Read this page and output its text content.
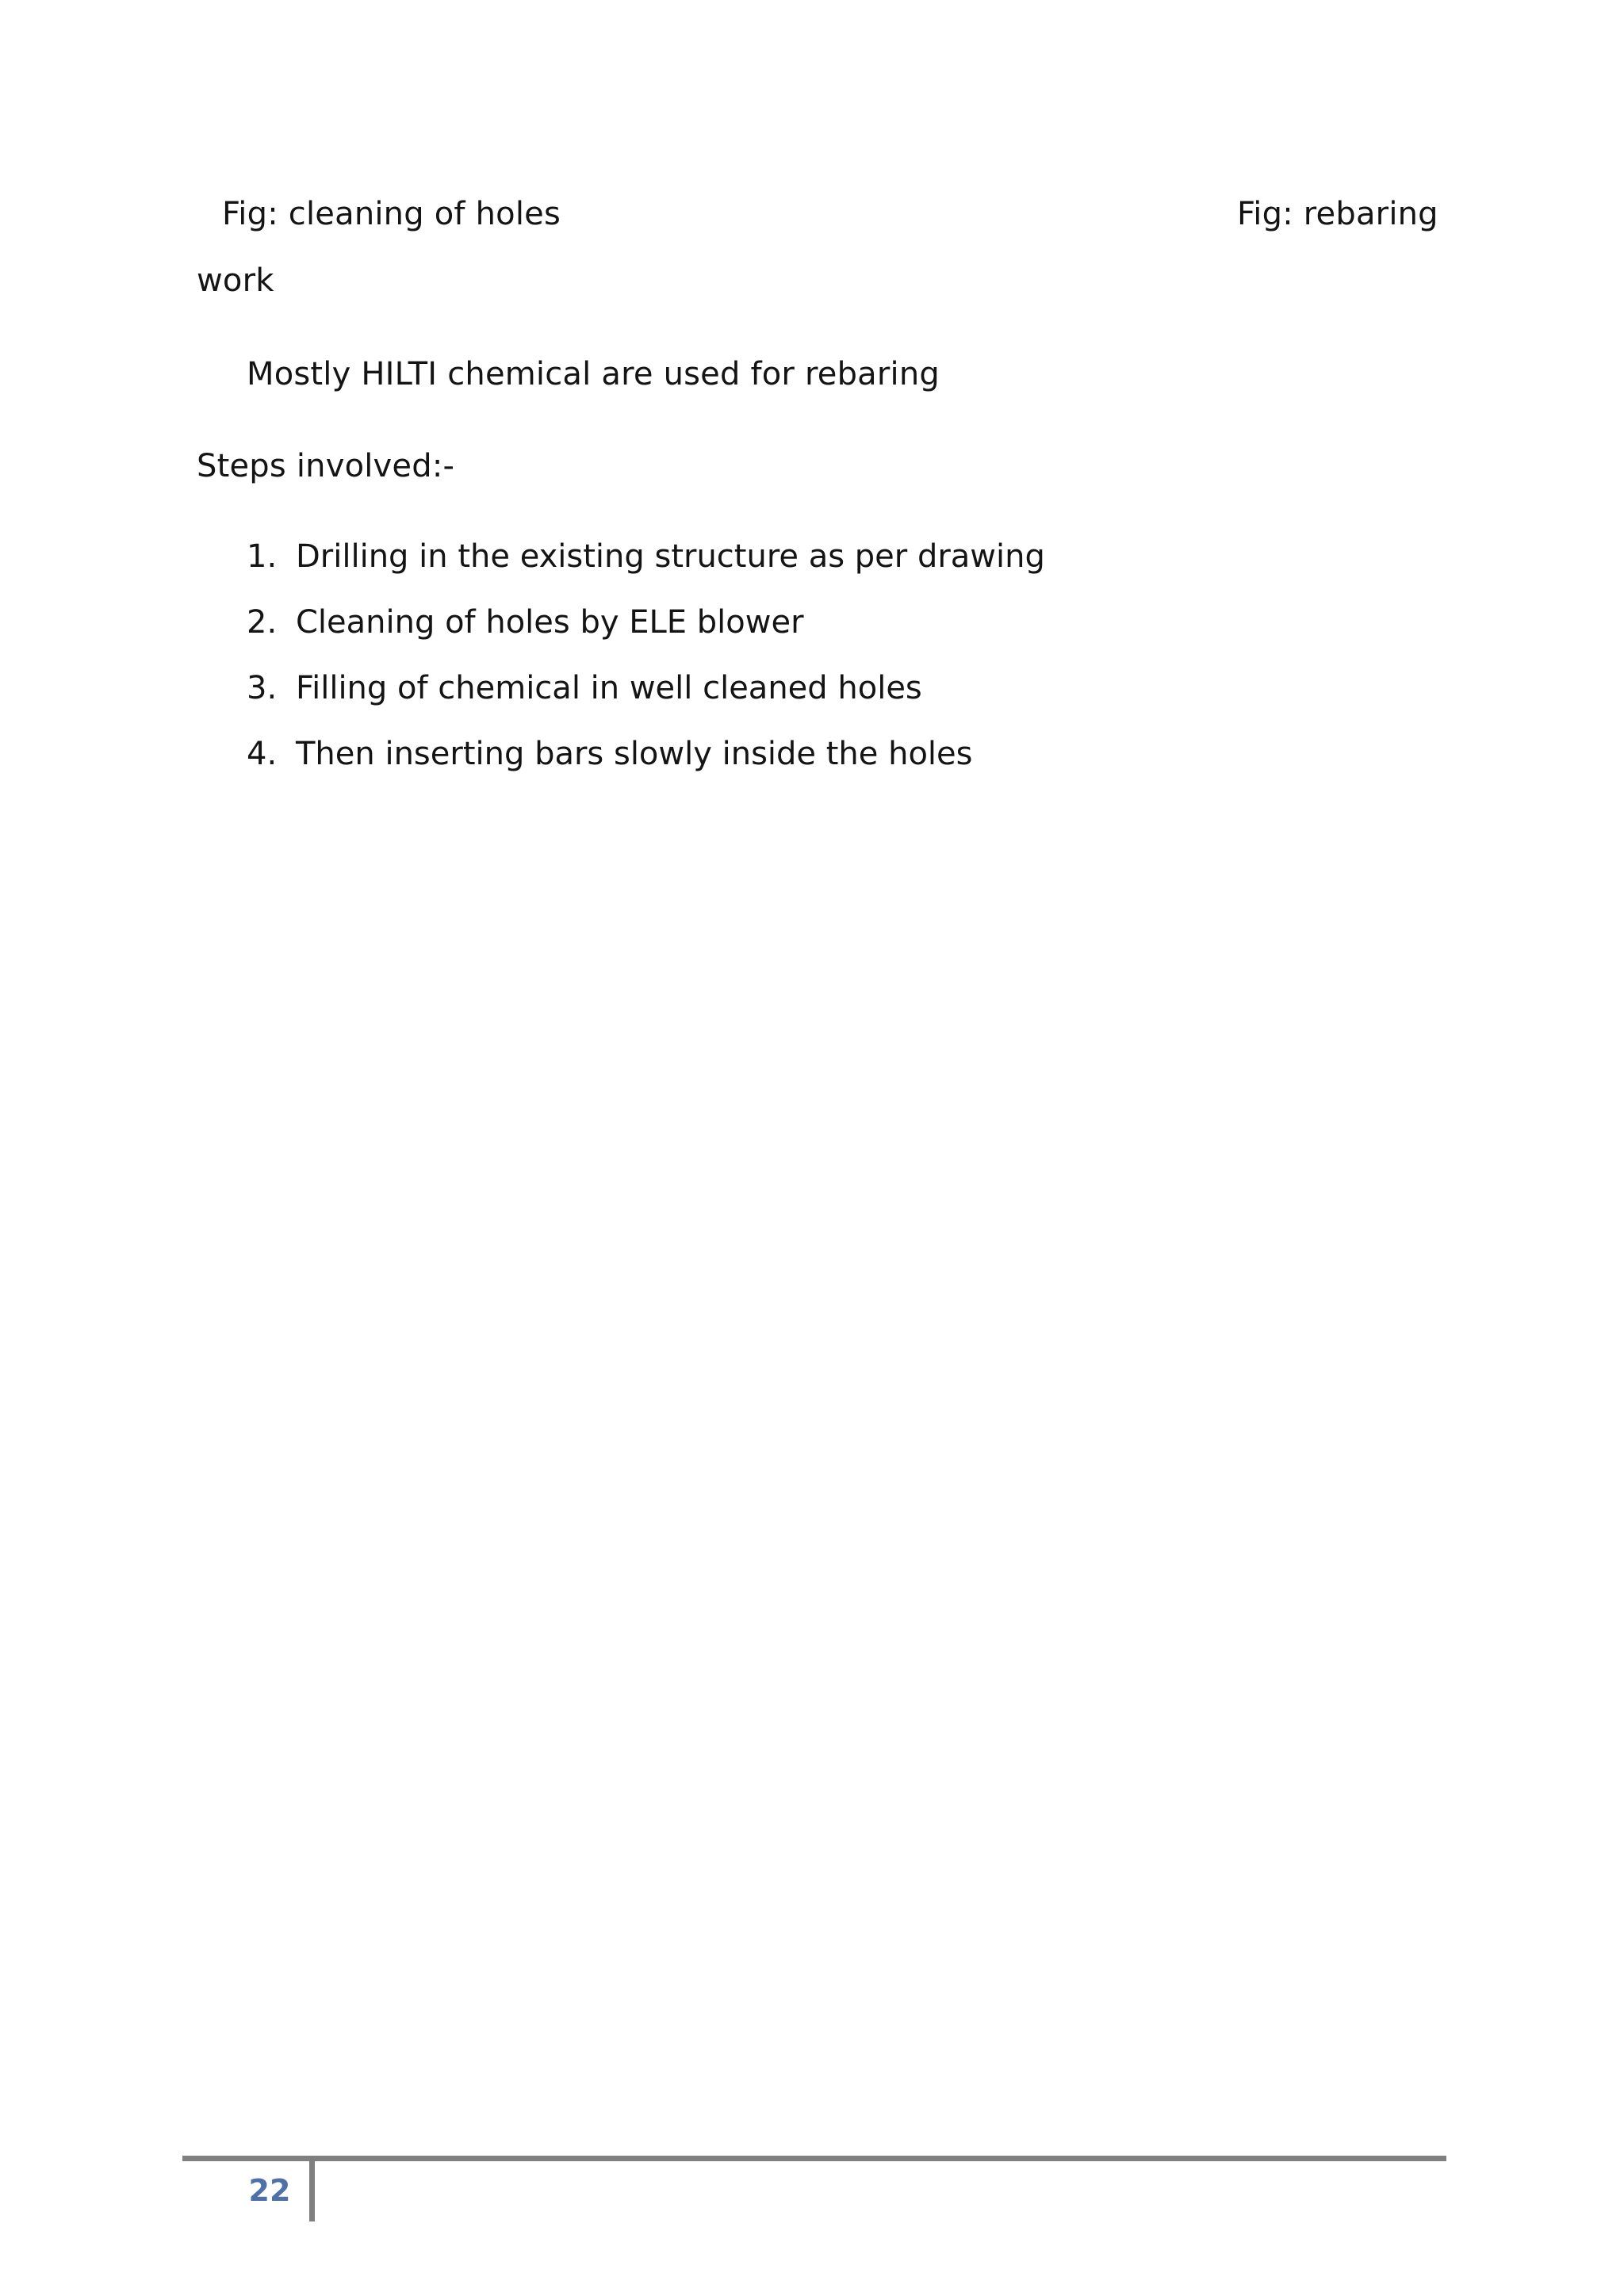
Fig: cleaning of holes	Fig: rebaring
work
Mostly HILTI chemical are used for rebaring
Steps involved:-
1. Drilling in the existing structure as per drawing
2. Cleaning of holes by ELE blower
3. Filling of chemical in well cleaned holes
4. Then inserting bars slowly inside the holes
22
